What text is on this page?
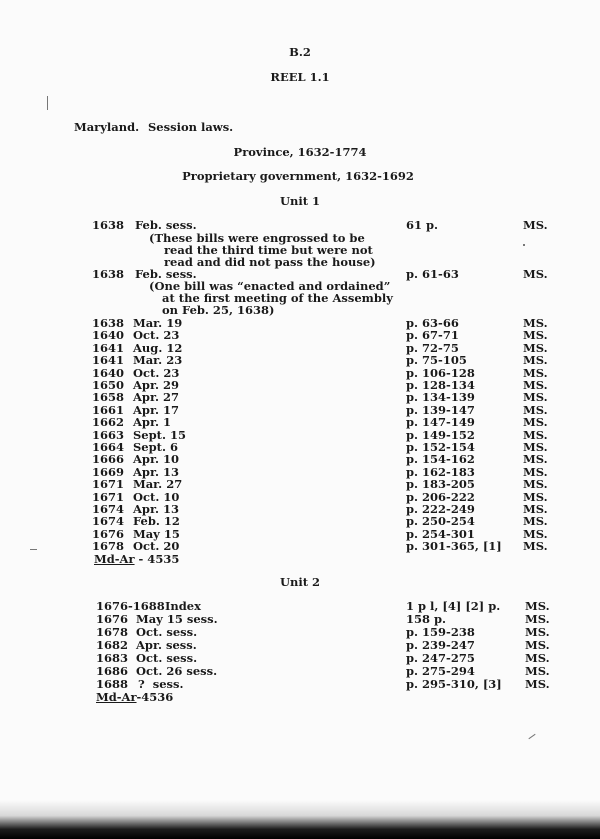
B.2
REEL 1.1
Maryland. Session laws.
Province, 1632-1774
Proprietary government, 1632-1692
Unit 1
1638 Feb. sess.	61 p.	MS.
(These bills were engrossed to be
read the third time but were not
read and did not pass the house)
1638 Feb. sess.	p. 61-63	MS.
(One bill was “enacted and ordained”
at the first meeting of the Assembly
on Feb. 25, 1638)
1638 Mar. 19	p. 63-66	MS.
1640 Oct. 23	p. 67-71	MS.
1641 Aug. 12	p. 72-75	MS.
1641 Mar. 23	p. 75-105	MS.
1640 Oct. 23	p. 106-128	MS.
1650 Apr. 29	p. 128-134	MS.
1658 Apr. 27	p. 134-139	MS.
1661 Apr. 17	p. 139-147	MS.
1662 Apr. 1	p. 147-149	MS.
1663 Sept. 15	p. 149-152	MS.
1664 Sept. 6	p. 152-154	MS.
1666 Apr. 10	p. 154-162	MS.
1669 Apr. 13	p. 162-183	MS.
1671 Mar. 27	p. 183-205	MS.
1671 Oct. 10	p. 206-222	MS.
1674 Apr. 13	p. 222-249	MS.
1674 Feb. 12	p. 250-254	MS.
1676 May 15	p. 254-301	MS.
1678 Oct. 20	p. 301-365, [1] MS.
Md-Ar - 4535
Unit 2
1676-1688 Index	1 p l, [4] [2] p. MS.
1676 May 15 sess.	158 p.	MS.
1678 Oct. sess.	p. 159-238	MS.
1682 Apr. sess.	p. 239-247	MS.
1683 Oct. sess.	p. 247-275	MS.
1686 Oct. 26 sess.	p. 275-294	MS.
1688 ?  sess.	p. 295-310, [3] MS.
Md-Ar-4536
